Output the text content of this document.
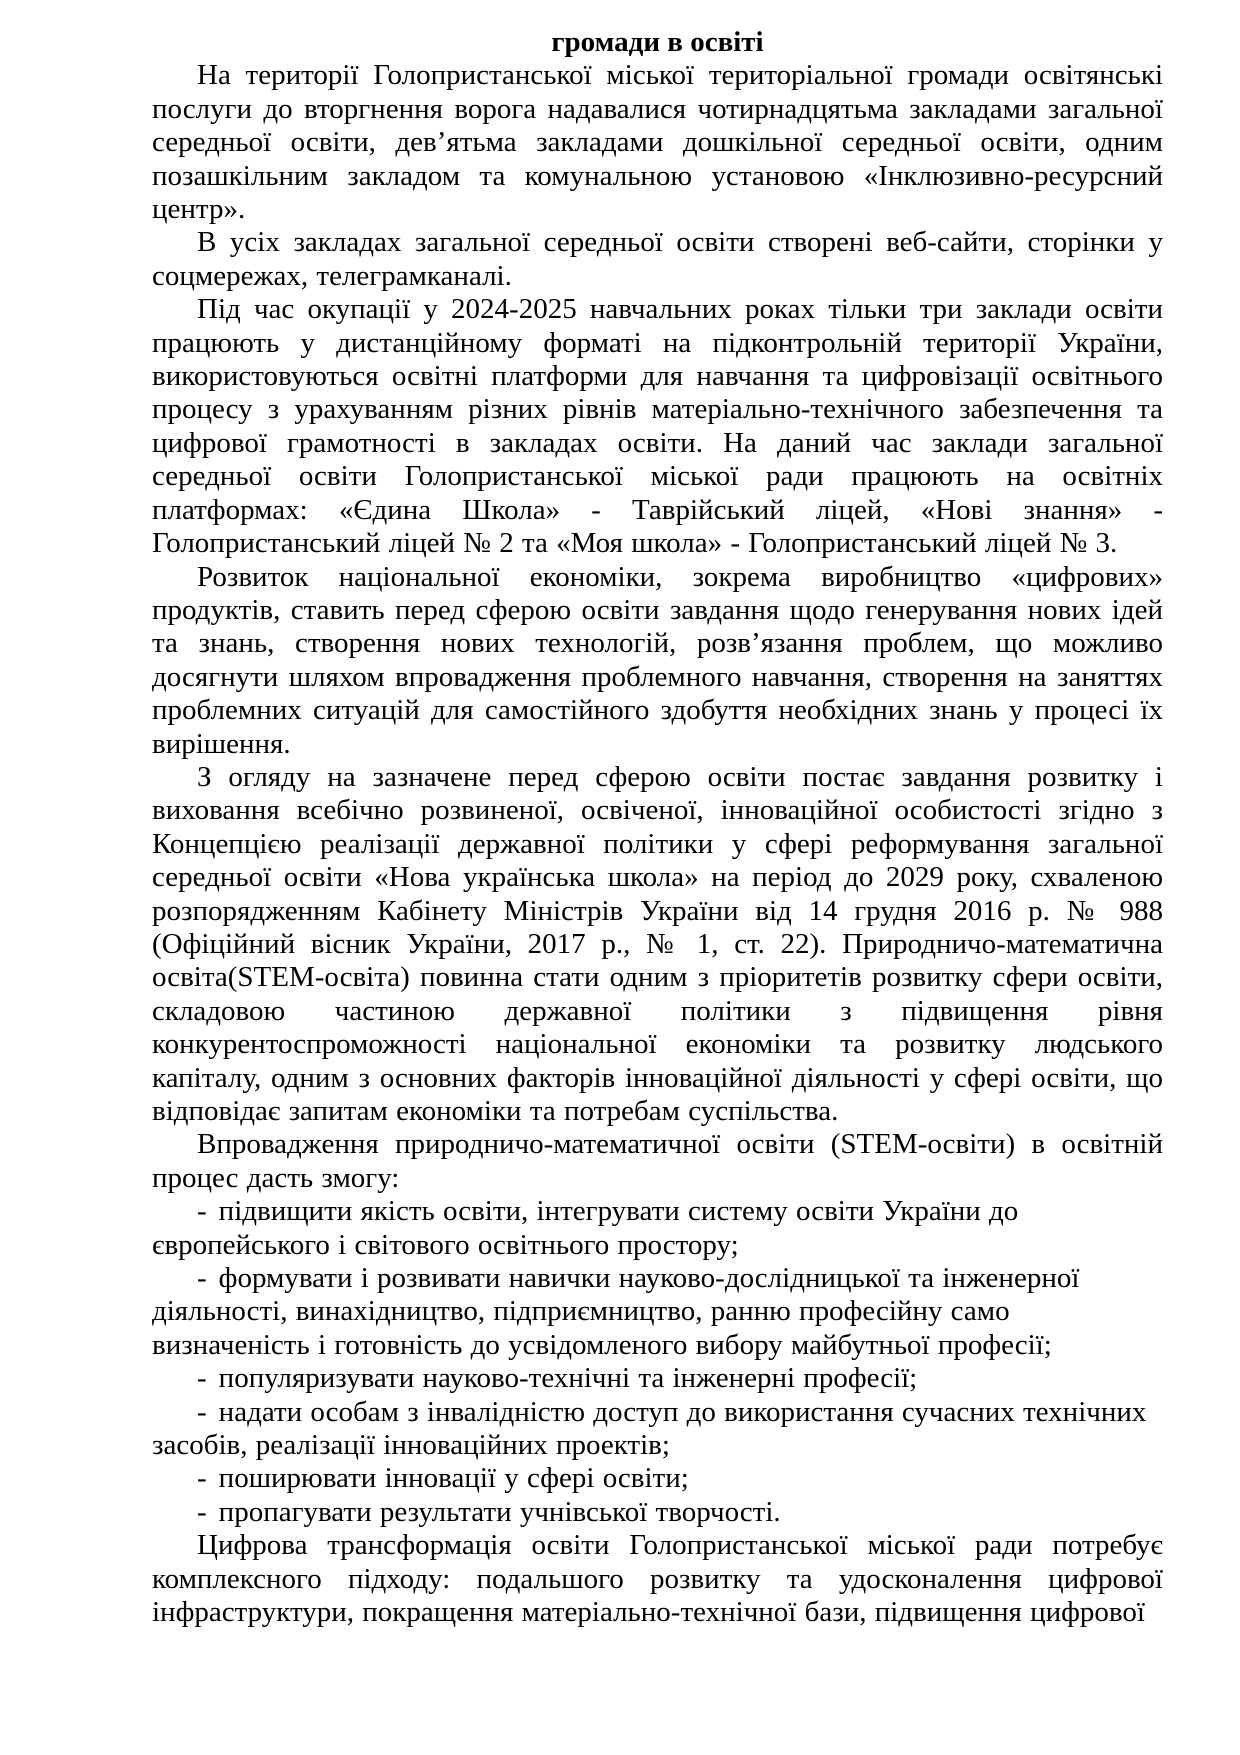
громади в освіті

На території Голопристанської міської територіальної громади освітянські послуги до вторгнення ворога надавалися чотирнадцятьма закладами загальної середньої освіти, дев’ятьма закладами дошкільної середньої освіти, одним позашкільним закладом та комунальною установою «Інклюзивно-ресурсний центр».

В усіх закладах загальної середньої освіти створені веб-сайти, сторінки у соцмережах, телеграмканалі.

Під час окупації у 2024-2025 навчальних роках тільки три заклади освіти працюють у дистанційному форматі на підконтрольній території України, використовуються освітні платформи для навчання та цифровізації освітнього процесу з урахуванням різних рівнів матеріально-технічного забезпечення та цифрової грамотності в закладах освіти. На даний час заклади загальної середньої освіти Голопристанської міської ради працюють на освітніх платформах: «Єдина Школа» - Таврійський ліцей, «Нові знання» - Голопристанський ліцей № 2 та «Моя школа» - Голопристанський ліцей № 3.

Розвиток національної економіки, зокрема виробництво «цифрових» продуктів, ставить перед сферою освіти завдання щодо генерування нових ідей та знань, створення нових технологій, розв’язання проблем, що можливо досягнути шляхом впровадження проблемного навчання, створення на заняттях проблемних ситуацій для самостійного здобуття необхідних знань у процесі їх вирішення.

З огляду на зазначене перед сферою освіти постає завдання розвитку і виховання всебічно розвиненої, освіченої, інноваційної особистості згідно з Концепцією реалізації державної політики у сфері реформування загальної середньої освіти «Нова українська школа» на період до 2029 року, схваленою розпорядженням Кабінету Міністрів України від 14 грудня 2016 р. № 988 (Офіційний вісник України, 2017 р., № 1, ст. 22). Природничо-математична освіта(STEM-освіта) повинна стати одним з пріоритетів розвитку сфери освіти, складовою частиною державної політики з підвищення рівня конкурентоспроможності національної економіки та розвитку людського капіталу, одним з основних факторів інноваційної діяльності у сфері освіти, що відповідає запитам економіки та потребам суспільства.

Впровадження природничо-математичної освіти (STEM-освіти) в освітній процес дасть змогу:

- підвищити якість освіти, інтегрувати систему освіти України до європейського і світового освітнього простору;

- формувати і розвивати навички науково-дослідницької та інженерної діяльності, винахідництво, підприємництво, ранню професійну само визначеність і готовність до усвідомленого вибору майбутньої професії;

- популяризувати науково-технічні та інженерні професії;

- надати особам з інвалідністю доступ до використання сучасних технічних засобів, реалізації інноваційних проектів;

- поширювати інновації у сфері освіти;

- пропагувати результати учнівської творчості.

Цифрова трансформація освіти Голопристанської міської ради потребує комплексного підходу: подальшого розвитку та удосконалення цифрової інфраструктури, покращення матеріально-технічної бази, підвищення цифрової
